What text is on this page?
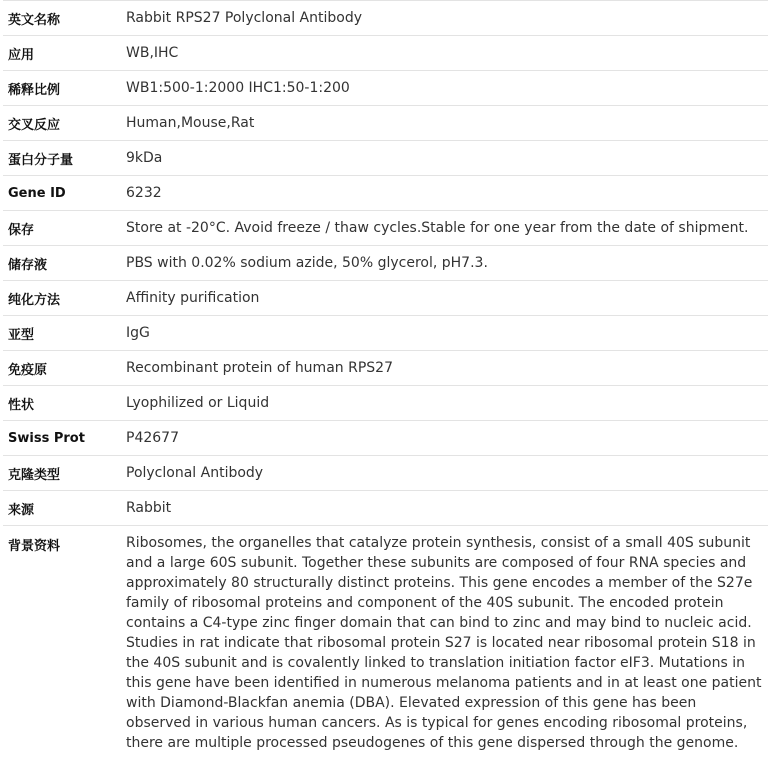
英文名称	Rabbit RPS27 Polyclonal Antibody
应用	WB,IHC
稀释比例	WB1:500-1:2000 IHC1:50-1:200
交叉反应	Human,Mouse,Rat
蛋白分子量	9kDa
Gene ID	6232
保存	Store at -20°C. Avoid freeze / thaw cycles.Stable for one year from the date of shipment.
储存液	PBS with 0.02% sodium azide, 50% glycerol, pH7.3.
纯化方法	Affinity purification
亚型	IgG
免疫原	Recombinant protein of human RPS27
性状	Lyophilized or Liquid
Swiss Prot	P42677
克隆类型	Polyclonal Antibody
来源	Rabbit
背景资料	Ribosomes, the organelles that catalyze protein synthesis, consist of a small 40S subunit and a large 60S subunit. Together these subunits are composed of four RNA species and approximately 80 structurally distinct proteins. This gene encodes a member of the S27e family of ribosomal proteins and component of the 40S subunit. The encoded protein contains a C4-type zinc finger domain that can bind to zinc and may bind to nucleic acid. Studies in rat indicate that ribosomal protein S27 is located near ribosomal protein S18 in the 40S subunit and is covalently linked to translation initiation factor eIF3. Mutations in this gene have been identified in numerous melanoma patients and in at least one patient with Diamond-Blackfan anemia (DBA). Elevated expression of this gene has been observed in various human cancers. As is typical for genes encoding ribosomal proteins, there are multiple processed pseudogenes of this gene dispersed through the genome.
